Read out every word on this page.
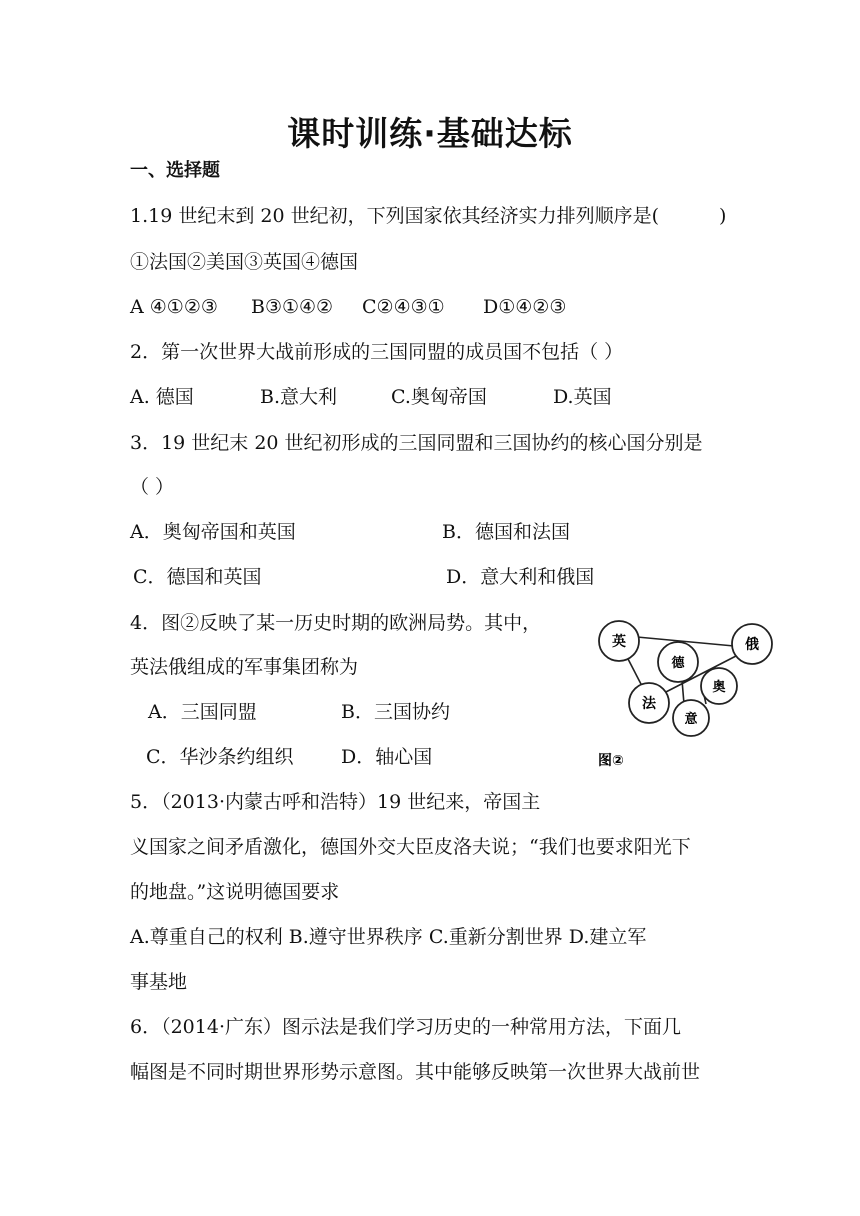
课时训练·基础达标
一、选择题
1.19 世纪末到 20 世纪初，下列国家依其经济实力排列顺序是(	)
①法国②美国③英国④德国
A ④①②③ B③①④② C②④③① D①④②③
2．第一次世界大战前形成的三国同盟的成员国不包括（ ）
A. 德国	B.意大利	C.奥匈帝国	D.英国
3．19 世纪末 20 世纪初形成的三国同盟和三国协约的核心国分别是
（ ）
A．奥匈帝国和英国	B．德国和法国
C．德国和英国	D．意大利和俄国
4．图②反映了某一历史时期的欧洲局势。其中，
英法俄组成的军事集团称为
A．三国同盟	B．三国协约
C．华沙条约组织 D．轴心国
英	俄
德
奥
法
意
图②
5．（2013·内蒙古呼和浩特）19 世纪来，帝国主
义国家之间矛盾激化，德国外交大臣皮洛夫说；“我们也要求阳光下
的地盘。”这说明德国要求
A.尊重自己的权利 B.遵守世界秩序 C.重新分割世界 D.建立军
事基地
6．（2014·广东）图示法是我们学习历史的一种常用方法，下面几
幅图是不同时期世界形势示意图。其中能够反映第一次世界大战前世
